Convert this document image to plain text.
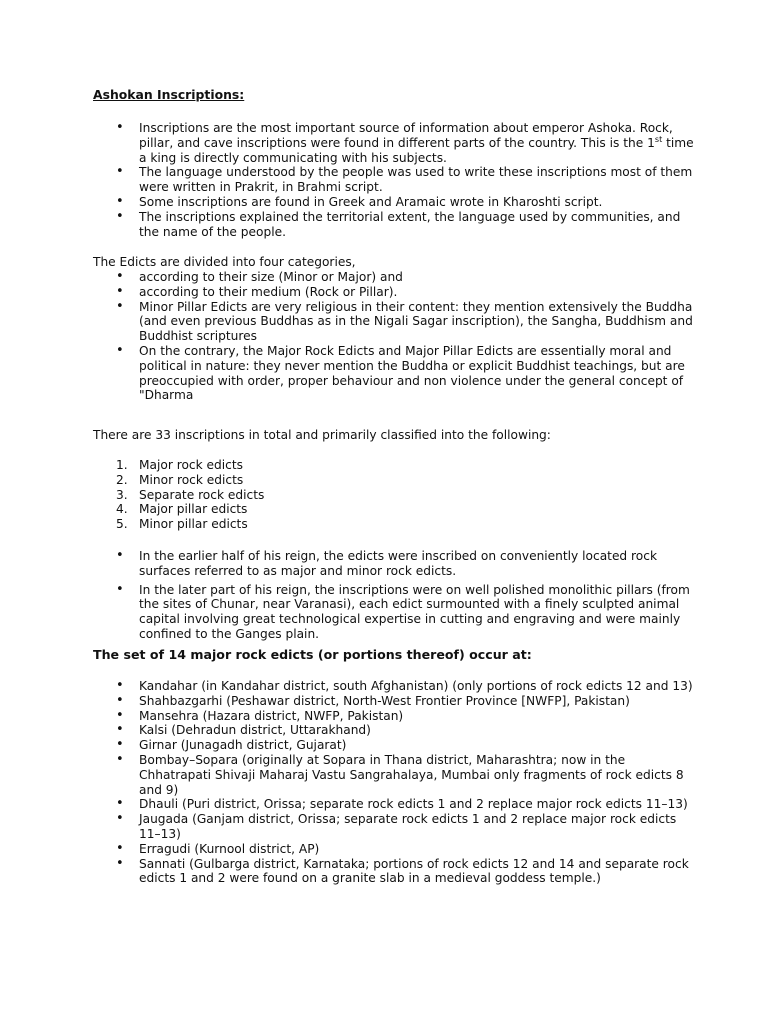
Ashokan Inscriptions:
• Inscriptions are the most important source of information about emperor Ashoka. Rock, pillar, and cave inscriptions were found in different parts of the country. This is the 1st time a king is directly communicating with his subjects.
• The language understood by the people was used to write these inscriptions most of them were written in Prakrit, in Brahmi script.
• Some inscriptions are found in Greek and Aramaic wrote in Kharoshti script.
• The inscriptions explained the territorial extent, the language used by communities, and the name of the people.
The Edicts are divided into four categories,
• according to their size (Minor or Major) and
• according to their medium (Rock or Pillar).
• Minor Pillar Edicts are very religious in their content: they mention extensively the Buddha (and even previous Buddhas as in the Nigali Sagar inscription), the Sangha, Buddhism and Buddhist scriptures
• On the contrary, the Major Rock Edicts and Major Pillar Edicts are essentially moral and political in nature: they never mention the Buddha or explicit Buddhist teachings, but are preoccupied with order, proper behaviour and non violence under the general concept of "Dharma
There are 33 inscriptions in total and primarily classified into the following:
1. Major rock edicts
2. Minor rock edicts
3. Separate rock edicts
4. Major pillar edicts
5. Minor pillar edicts
• In the earlier half of his reign, the edicts were inscribed on conveniently located rock surfaces referred to as major and minor rock edicts.
• In the later part of his reign, the inscriptions were on well polished monolithic pillars (from the sites of Chunar, near Varanasi), each edict surmounted with a finely sculpted animal capital involving great technological expertise in cutting and engraving and were mainly confined to the Ganges plain.
The set of 14 major rock edicts (or portions thereof) occur at:
• Kandahar (in Kandahar district, south Afghanistan) (only portions of rock edicts 12 and 13)
• Shahbazgarhi (Peshawar district, North-West Frontier Province [NWFP], Pakistan)
• Mansehra (Hazara district, NWFP, Pakistan)
• Kalsi (Dehradun district, Uttarakhand)
• Girnar (Junagadh district, Gujarat)
• Bombay–Sopara (originally at Sopara in Thana district, Maharashtra; now in the Chhatrapati Shivaji Maharaj Vastu Sangrahalaya, Mumbai only fragments of rock edicts 8 and 9)
• Dhauli (Puri district, Orissa; separate rock edicts 1 and 2 replace major rock edicts 11–13)
• Jaugada (Ganjam district, Orissa; separate rock edicts 1 and 2 replace major rock edicts 11–13)
• Erragudi (Kurnool district, AP)
• Sannati (Gulbarga district, Karnataka; portions of rock edicts 12 and 14 and separate rock edicts 1 and 2 were found on a granite slab in a medieval goddess temple.)
